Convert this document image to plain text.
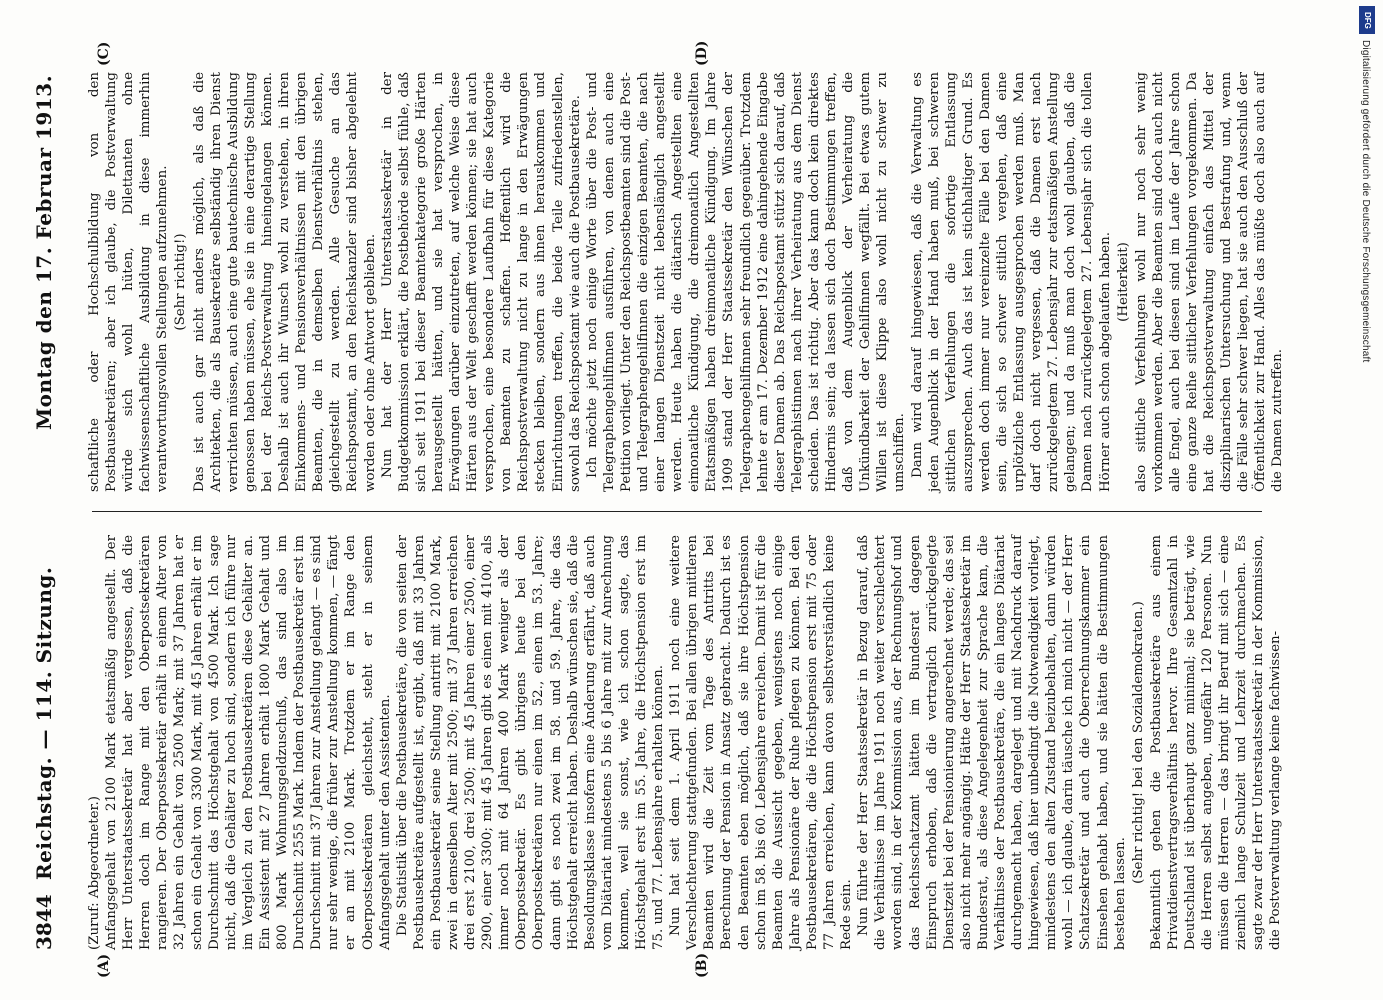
3844
Reichstag. — 114. Sitzung.
Montag den 17. Februar 1913.
(A)	(B)
(C)	(D)

(Zuruf: Abgeordneter.) Anfangsgehalt von 2100 Mark etatsmäßig angestellt. Der Herr Unterstaatssekretär hat aber vergessen, daß die Herren doch im Range mit den Oberpostsekretären rangieren. Der Oberpostsekretär erhält in einem Alter von 32 Jahren ein Gehalt von 2500 Mark; mit 37 Jahren hat er schon ein Gehalt von 3300 Mark, mit 45 Jahren erhält er im Durchschnitt das Höchstgehalt von 4500 Mark. Ich sage nicht, daß die Gehälter zu hoch sind, sondern ich führe nur im Vergleich zu den Postbausekretären diese Gehälter an. Ein Assistent mit 27 Jahren erhält 1800 Mark Gehalt und 800 Mark Wohnungsgeldzuschuß, das sind also im Durchschnitt 2555 Mark. Indem der Postbausekretär erst im Durchschnitt mit 37 Jahren zur Anstellung gelangt — es sind nur sehr wenige, die früher zur Anstellung kommen, — fängt er an mit 2100 Mark. Trotzdem er im Range den Oberpostsekretären gleichsteht, steht er in seinem Anfangsgehalt unter den Assistenten. Die Statistik über die Postbausekretäre, die von seiten der Postbausekretäre aufgestellt ist, ergibt, daß mit 33 Jahren ein Postbausekretär seine Stellung antritt mit 2100 Mark, zwei in demselben Alter mit 2500; mit 37 Jahren erreichen drei erst 2100, drei 2500; mit 45 Jahren einer 2500, einer 2900, einer 3300; mit 45 Jahren gibt es einen mit 4100, als immer noch mit 64 Jahren 400 Mark weniger als der Oberpostsekretär. Es gibt übrigens heute bei den Oberpostsekretären nur einen im 52., einen im 53. Jahre; dann gibt es noch zwei im 58. und 59. Jahre, die das Höchstgehalt erreicht haben. Deshalb wünschen sie, daß die Besoldungsklasse insofern eine Änderung erfährt, daß auch vom Diätariat mindestens 5 bis 6 Jahre mit zur Anrechnung kommen, weil sie sonst, wie ich schon sagte, das Höchstgehalt erst im 55. Jahre, die Höchstpension erst im 75. und 77. Lebensjahre erhalten können. Nun hat seit dem 1. April 1911 noch eine weitere Verschlechterung stattgefunden. Bei allen übrigen mittleren Beamten wird die Zeit vom Tage des Antritts bei Berechnung der Pension in Ansatz gebracht. Dadurch ist es den Beamten eben möglich, daß sie ihre Höchstpension schon im 58. bis 60. Lebensjahre erreichen. Damit ist für die Beamten die Aussicht gegeben, wenigstens noch einige Jahre als Pensionäre der Ruhe pflegen zu können. Bei den Postbausekretären, die die Höchstpension erst mit 75 oder 77 Jahren erreichen, kann davon selbstverständlich keine Rede sein. Nun führte der Herr Staatssekretär in Bezug darauf, daß die Verhältnisse im Jahre 1911 noch weiter verschlechtert worden sind, in der Kommission aus, der Rechnungshof und das Reichsschatzamt hätten im Bundesrat dagegen Einspruch erhoben, daß die vertraglich zurückgelegte Dienstzeit bei der Pensionierung angerechnet werde; das sei also nicht mehr angängig. Hätte der Herr Staatssekretär im Bundesrat, als diese Angelegenheit zur Sprache kam, die Verhältnisse der Postbausekretäre, die ein langes Diätariat durchgemacht haben, dargelegt und mit Nachdruck darauf hingewiesen, daß hier unbedingt die Notwendigkeit vorliegt, mindestens den alten Zustand beizubehalten, dann würden wohl — ich glaube, darin täusche ich mich nicht — der Herr Schatzsekretär und auch die Oberrechnungskammer ein Einsehen gehabt haben, und sie hätten die Bestimmungen bestehen lassen.

(Sehr richtig! bei den Sozialdemokraten.) Bekanntlich gehen die Postbausekretäre aus einem Privatdienstvertragsverhältnis hervor. Ihre Gesamtzahl in Deutschland ist überhaupt ganz minimal; sie beträgt, wie die Herren selbst angeben, ungefähr 120 Personen. Nun müssen die Herren — das bringt ihr Beruf mit sich — eine ziemlich lange Schulzeit und Lehrzeit durchmachen. Es sagte zwar der Herr Unterstaatssekretär in der Kommission, die Postverwaltung verlange keine fachwissen-

schaftliche oder Hochschulbildung von den Postbausekretären; aber ich glaube, die Postverwaltung würde sich wohl hüten, Dilettanten ohne fachwissenschaftliche Ausbildung in diese immerhin verantwortungsvollen Stellungen aufzunehmen. (Sehr richtig!) Das ist auch gar nicht anders möglich, als daß die Architekten, die als Bausekretäre selbständig ihren Dienst verrichten müssen, auch eine gute bautechnische Ausbildung genossen haben müssen, ehe sie in eine derartige Stellung bei der Reichs-Postverwaltung hineingelangen können. Deshalb ist auch ihr Wunsch wohl zu verstehen, in ihren Einkommens- und Pensionsverhältnissen mit den übrigen Beamten, die in demselben Dienstverhältnis stehen, gleichgestellt zu werden. Alle Gesuche an das Reichspostamt, an den Reichskanzler sind bisher abgelehnt worden oder ohne Antwort geblieben. Nun hat der Herr Unterstaatssekretär in der Budgetkommission erklärt, die Postbehörde selbst fühle, daß sich seit 1911 bei dieser Beamtenkategorie große Härten herausgestellt hätten, und sie hat versprochen, in Erwägungen darüber einzutreten, auf welche Weise diese Härten aus der Welt geschafft werden können; sie hat auch versprochen, eine besondere Laufbahn für diese Kategorie von Beamten zu schaffen. Hoffentlich wird die Reichspostverwaltung nicht zu lange in den Erwägungen stecken bleiben, sondern aus ihnen herauskommen und Einrichtungen treffen, die beide Teile zufriedenstellen, sowohl das Reichspostamt wie auch die Postbausekretäre. Ich möchte jetzt noch einige Worte über die Post- und Telegraphengehilfinnen ausführen, von denen auch eine Petition vorliegt. Unter den Reichspostbeamten sind die Post- und Telegraphengehilfinnen die einzigen Beamten, die nach einer langen Dienstzeit nicht lebenslänglich angestellt werden. Heute haben die diätarisch Angestellten eine eimonatliche Kündigung, die dreimonatlich Angestellten Etatsmäßigen haben dreimonatliche Kündigung. Im Jahre 1909 stand der Herr Staatssekretär den Wünschen der Telegraphengehilfinnen sehr freundlich gegenüber. Trotzdem lehnte er am 17. Dezember 1912 eine dahingehende Eingabe dieser Damen ab. Das Reichspostamt stützt sich darauf, daß Telegraphistinnen nach ihrer Verheiratung aus dem Dienst scheiden. Das ist richtig. Aber das kann doch kein direktes Hindernis sein; da lassen sich doch Bestimmungen treffen, daß von dem Augenblick der Verheiratung die Unkündbarkeit der Gehilfinnen wegfällt. Bei etwas gutem Willen ist diese Klippe also wohl nicht zu schwer zu umschiffen. Dann wird darauf hingewiesen, daß die Verwaltung es jeden Augenblick in der Hand haben muß, bei schweren sittlichen Verfehlungen die sofortige Entlassung auszusprechen. Auch das ist kein stichhaltiger Grund. Es werden doch immer nur vereinzelte Fälle bei den Damen sein, die sich so schwer sittlich vergehen, daß eine urplötzliche Entlassung ausgesprochen werden muß. Man darf doch nicht vergessen, daß die Damen erst nach zurückgelegtem 27. Lebensjahr zur etatsmäßigen Anstellung gelangen; und da muß man doch wohl glauben, daß die Damen nach zurückgelegtem 27. Lebensjahr sich die tollen Hörner auch schon abgelaufen haben. (Heiterkeit) also sittliche Verfehlungen wohl nur noch sehr wenig vorkommen werden. Aber die Beamten sind doch auch nicht alle Engel, auch bei diesen sind im Laufe der Jahre schon eine ganze Reihe sittlicher Verfehlungen vorgekommen. Da hat die Reichspostverwaltung einfach das Mittel der disziplinarischen Untersuchung und Bestrafung und, wenn die Fälle sehr schwer liegen, hat sie auch den Ausschluß der Öffentlichkeit zur Hand. Alles das müßte doch also auch auf die Damen zutreffen.

DFG
Digitalisierung gefördert durch die Deutsche Forschungsgemeinschaft
